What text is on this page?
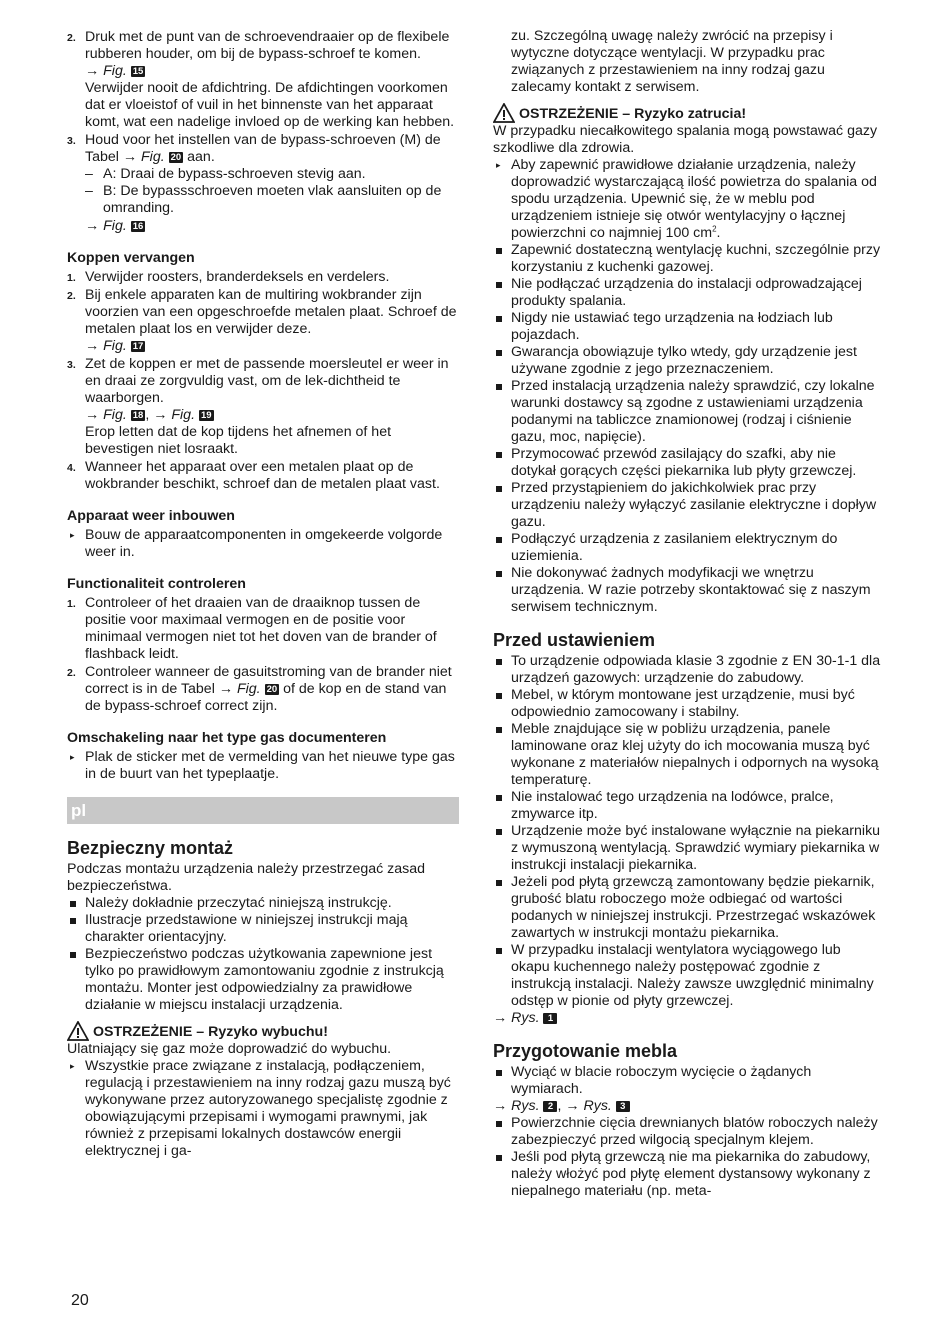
2. Druk met de punt van de schroevendraaier op de flexibele rubberen houder, om bij de bypass-schroef te komen.

→ Fig. 15

Verwijder nooit de afdichtring. De afdichtingen voorkomen dat er vloeistof of vuil in het binnenste van het apparaat komt, wat een nadelige invloed op de werking kan hebben.

3. Houd voor het instellen van de bypass-schroeven (M) de Tabel → Fig. 20 aan.

– A: Draai de bypass-schroeven stevig aan.
– B: De bypassschroeven moeten vlak aansluiten op de omranding.
→ Fig. 16
Koppen vervangen
1. Verwijder roosters, branderdeksels en verdelers.

2. Bij enkele apparaten kan de multiring wokbrander zijn voorzien van een opgeschroefde metalen plaat. Schroef de metalen plaat los en verwijder deze.

→ Fig. 17
3. Zet de koppen er met de passende moersleutel er weer in en draai ze zorgvuldig vast, om de lek-dichtheid te waarborgen.

→ Fig. 18 , → Fig. 19

Erop letten dat de kop tijdens het afnemen of het bevestigen niet losraakt.

4. Wanneer het apparaat over een metalen plaat op de wokbrander beschikt, schroef dan de metalen plaat vast.

Apparaat weer inbouwen
▸ Bouw de apparaatcomponenten in omgekeerde volgorde weer in.

Functionaliteit controleren
1. Controleer of het draaien van de draaiknop tussen de positie voor maximaal vermogen en de positie voor minimaal vermogen niet tot het doven van de brander of flashback leidt.

2. Controleer wanneer de gasuitstroming van de brander niet correct is in de Tabel → Fig. 20 of de kop en de stand van de bypass-schroef correct zijn.

Omschakeling naar het type gas documenteren
▸ Plak de sticker met de vermelding van het nieuwe type gas in de buurt van het typeplaatje.

pl
Bezpieczny montaż

Podczas montażu urządzenia należy przestrzegać zasad bezpieczeństwa.

Należy dokładnie przeczytać niniejszą instrukcję.

Ilustracje przedstawione w niniejszej instrukcji mają charakter orientacyjny.

Bezpieczeństwo podczas użytkowania zapewnione jest tylko po prawidłowym zamontowaniu zgodnie z instrukcją montażu. Monter jest odpowiedzialny za prawidłowe działanie w miejscu instalacji urządzenia.

OSTRZEŻENIE – Ryzyko wybuchu!

Ulatniający się gaz może doprowadzić do wybuchu.

▸ Wszystkie prace związane z instalacją, podłączeniem, regulacją i przestawieniem na inny rodzaj gazu muszą być wykonywane przez autoryzowanego specjalistę zgodnie z obowiązującymi przepisami i wymogami prawnymi, jak również z przepisami lokalnych dostawców energii elektrycznej i ga-

zu. Szczególną uwagę należy zwrócić na przepisy i wytyczne dotyczące wentylacji. W przypadku prac związanych z przestawieniem na inny rodzaj gazu zalecamy kontakt z serwisem.

OSTRZEŻENIE – Ryzyko zatrucia!

W przypadku niecałkowitego spalania mogą powstawać gazy szkodliwe dla zdrowia.

▸ Aby zapewnić prawidłowe działanie urządzenia, należy doprowadzić wystarczającą ilość powietrza do spalania od spodu urządzenia. Upewnić się, że w meblu pod urządzeniem istnieje się otwór wentylacyjny o łącznej powierzchni co najmniej 100 $cm^2$.

Zapewnić dostateczną wentylację kuchni, szczególnie przy korzystaniu z kuchenki gazowej.

Nie podłączać urządzenia do instalacji odprowadzającej produkty spalania.

Nigdy nie ustawiać tego urządzenia na łodziach lub pojazdach.

Gwarancja obowiązuje tylko wtedy, gdy urządzenie jest używane zgodnie z jego przeznaczeniem.

Przed instalacją urządzenia należy sprawdzić, czy lokalne warunki dostawcy są zgodne z ustawieniami urządzenia podanymi na tabliczce znamionowej (rodzaj i ciśnienie gazu, moc, napięcie).

Przymocować przewód zasilający do szafki, aby nie dotykał gorących części piekarnika lub płyty grzewczej.

Przed przystąpieniem do jakichkolwiek prac przy urządzeniu należy wyłączyć zasilanie elektryczne i dopływ gazu.

Podłączyć urządzenia z zasilaniem elektrycznym do uziemienia.

Nie dokonywać żadnych modyfikacji we wnętrzu urządzenia. W razie potrzeby skontaktować się z naszym serwisem technicznym.

Przed ustawieniem

To urządzenie odpowiada klasie 3 zgodnie z EN 30-1-1 dla urządzeń gazowych: urządzenie do zabudowy.

Mebel, w którym montowane jest urządzenie, musi być odpowiednio zamocowany i stabilny.

Meble znajdujące się w pobliżu urządzenia, panele laminowane oraz klej użyty do ich mocowania muszą być wykonane z materiałów niepalnych i odpornych na wysoką temperaturę.

Nie instalować tego urządzenia na lodówce, pralce, zmywarce itp.

Urządzenie może być instalowane wyłącznie na piekarniku z wymuszoną wentylacją. Sprawdzić wymiary piekarnika w instrukcji instalacji piekarnika.

Jeżeli pod płytą grzewczą zamontowany będzie piekarnik, grubość blatu roboczego może odbiegać od wartości podanych w niniejszej instrukcji. Przestrzegać wskazówek zawartych w instrukcji montażu piekarnika.

W przypadku instalacji wentylatora wyciągowego lub okapu kuchennego należy postępować zgodnie z instrukcją instalacji. Należy zawsze uwzględnić minimalny odstęp w pionie od płyty grzewczej.

→ Rys. 1
Przygotowanie mebla

Wyciąć w blacie roboczym wycięcie o żądanych wymiarach.

→ Rys. 2 , → Rys. 3

Powierzchnie cięcia drewnianych blatów roboczych należy zabezpieczyć przed wilgocią specjalnym klejem.

Jeśli pod płytą grzewczą nie ma piekarnika do zabudowy, należy włożyć pod płytę element dystansowy wykonany z niepalnego materiału (np. meta-

20
